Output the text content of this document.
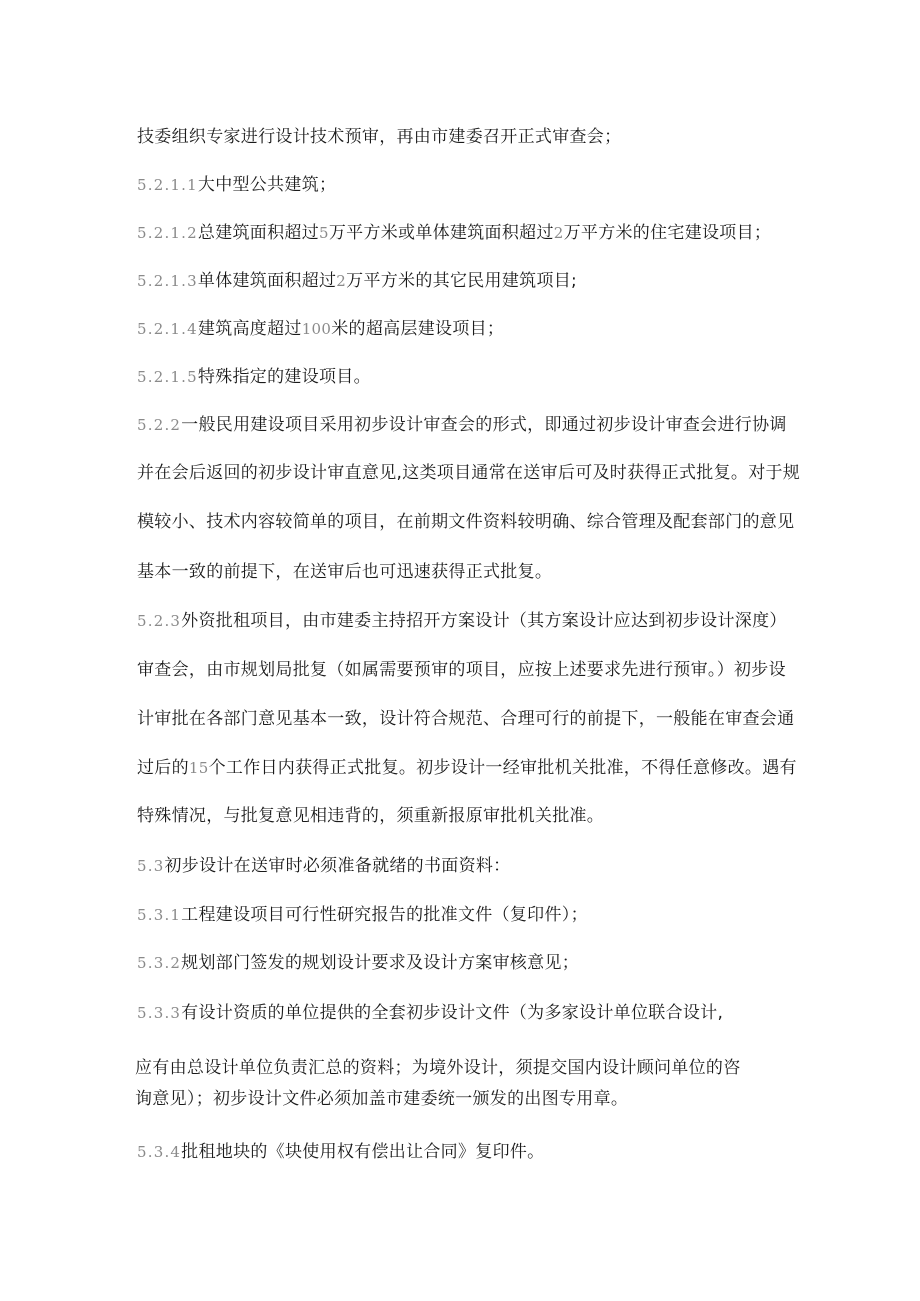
技委组织专家进行设计技术预审，再由市建委召开正式审查会；
5.2.1.1大中型公共建筑；
5.2.1.2总建筑面积超过5万平方米或单体建筑面积超过2万平方米的住宅建设项目；
5.2.1.3单体建筑面积超过2万平方米的其它民用建筑项目;
5.2.1.4建筑高度超过100米的超高层建设项目；
5.2.1.5特殊指定的建设项目。
5.2.2一般民用建设项目采用初步设计审查会的形式，即通过初步设计审查会进行协调
并在会后返回的初步设计审直意见,这类项目通常在送审后可及时获得正式批复。对于规
模较小、技术内容较简单的项目，在前期文件资料较明确、综合管理及配套部门的意见
基本一致的前提下，在送审后也可迅速获得正式批复。
5.2.3外资批租项目，由市建委主持招开方案设计（其方案设计应达到初步设计深度）
审查会，由市规划局批复（如属需要预审的项目，应按上述要求先进行预审。）初步设
计审批在各部门意见基本一致，设计符合规范、合理可行的前提下，一般能在审查会通
过后的15个工作日内获得正式批复。初步设计一经审批机关批准，不得任意修改。遇有
特殊情况，与批复意见相违背的，须重新报原审批机关批准。
5.3初步设计在送审时必须准备就绪的书面资料：
5.3.1工程建设项目可行性研究报告的批准文件（复印件）；
5.3.2规划部门签发的规划设计要求及设计方案审核意见；
5.3.3有设计资质的单位提供的全套初步设计文件（为多家设计单位联合设计,
应有由总设计单位负责汇总的资料；为境外设计，须提交国内设计顾问单位的咨
询意见）；初步设计文件必须加盖市建委统一颁发的出图专用章。
5.3.4批租地块的《块使用权有偿出让合同》复印件。
